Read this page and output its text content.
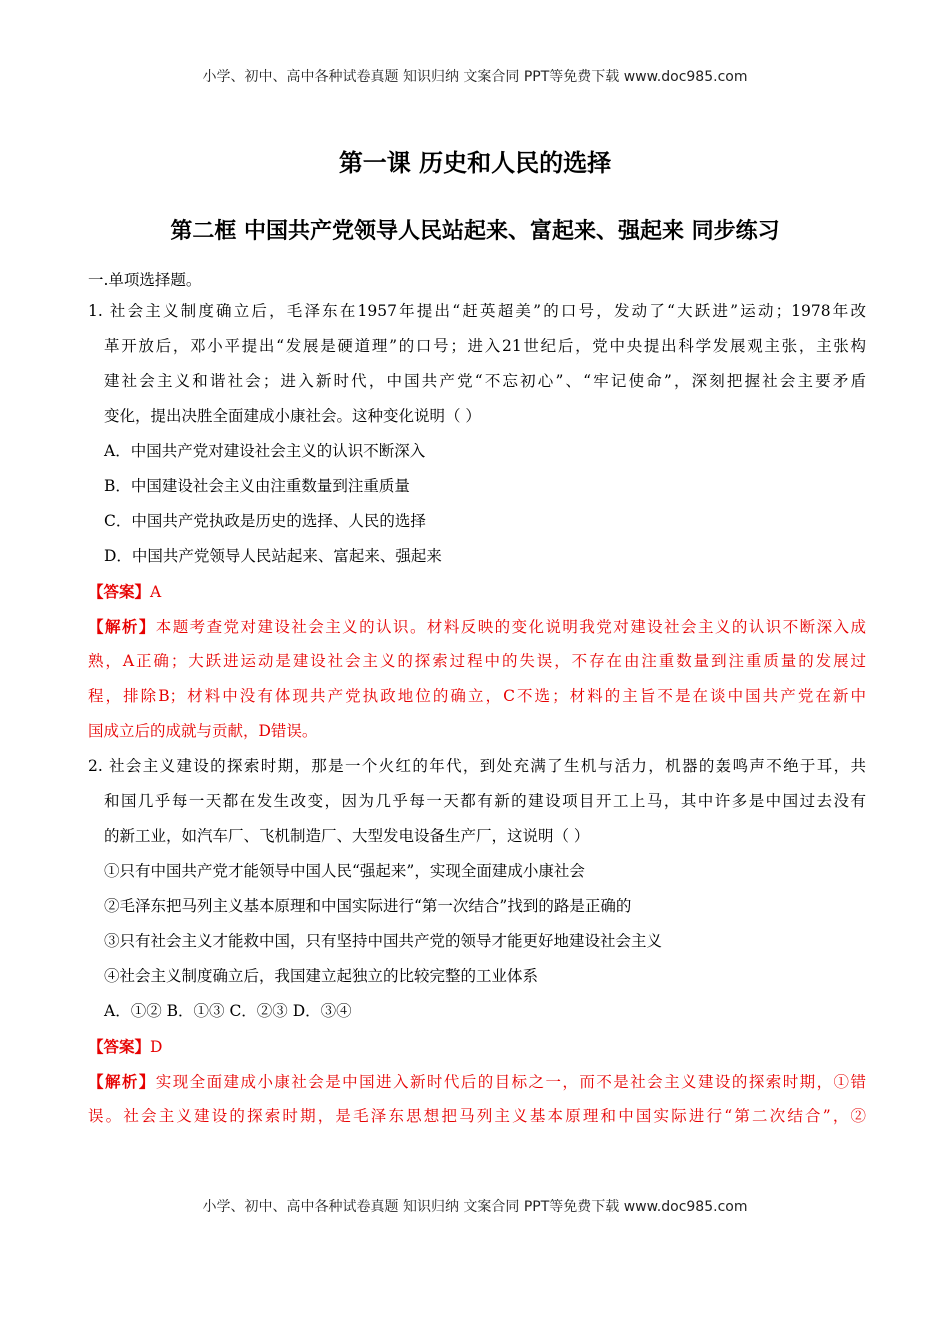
小学、初中、高中各种试卷真题 知识归纳 文案合同 PPT等免费下载 www.doc985.com
第一课 历史和人民的选择
第二框 中国共产党领导人民站起来、富起来、强起来 同步练习
一.单项选择题。
1. 社会主义制度确立后，毛泽东在1957年提出“赶英超美”的口号，发动了“大跃进”运动；1978年改
革开放后，邓小平提出“发展是硬道理”的口号；进入21世纪后，党中央提出科学发展观主张，主张构
建社会主义和谐社会；进入新时代，中国共产党“不忘初心”、“牢记使命”，深刻把握社会主要矛盾
变化，提出决胜全面建成小康社会。这种变化说明（ ）
A．中国共产党对建设社会主义的认识不断深入
B．中国建设社会主义由注重数量到注重质量
C．中国共产党执政是历史的选择、人民的选择
D．中国共产党领导人民站起来、富起来、强起来
【答案】A
【解析】本题考查党对建设社会主义的认识。材料反映的变化说明我党对建设社会主义的认识不断深入成
熟，A正确；大跃进运动是建设社会主义的探索过程中的失误，不存在由注重数量到注重质量的发展过
程，排除B；材料中没有体现共产党执政地位的确立，C不选；材料的主旨不是在谈中国共产党在新中
国成立后的成就与贡献，D错误。
2. 社会主义建设的探索时期，那是一个火红的年代，到处充满了生机与活力，机器的轰鸣声不绝于耳，共
和国几乎每一天都在发生改变，因为几乎每一天都有新的建设项目开工上马，其中许多是中国过去没有
的新工业，如汽车厂、飞机制造厂、大型发电设备生产厂，这说明（ ）
①只有中国共产党才能领导中国人民“强起来”，实现全面建成小康社会
②毛泽东把马列主义基本原理和中国实际进行“第一次结合”找到的路是正确的
③只有社会主义才能救中国，只有坚持中国共产党的领导才能更好地建设社会主义
④社会主义制度确立后，我国建立起独立的比较完整的工业体系
A．①② B．①③ C．②③ D．③④
【答案】D
【解析】实现全面建成小康社会是中国进入新时代后的目标之一，而不是社会主义建设的探索时期，①错
误。社会主义建设的探索时期，是毛泽东思想把马列主义基本原理和中国实际进行“第二次结合”，②
小学、初中、高中各种试卷真题 知识归纳 文案合同 PPT等免费下载 www.doc985.com
